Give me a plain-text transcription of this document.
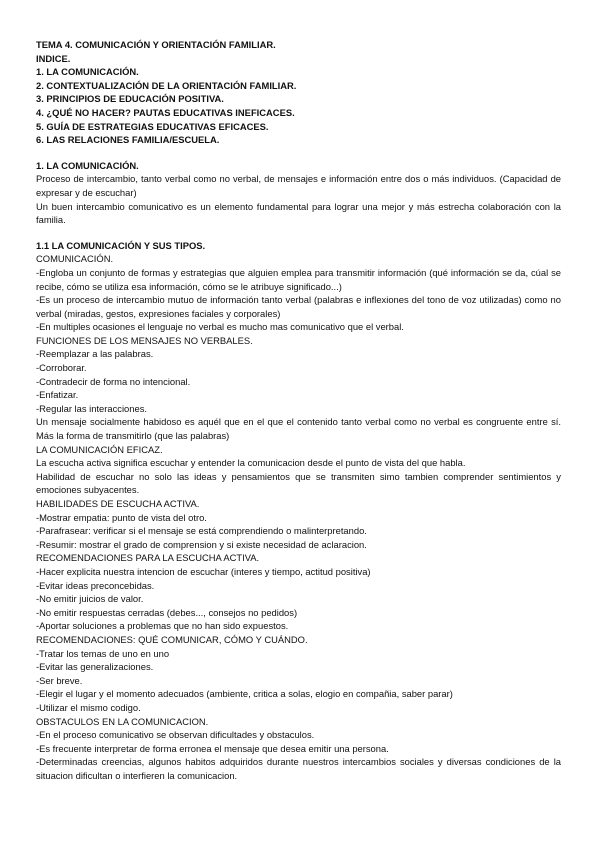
TEMA 4. COMUNICACIÓN Y ORIENTACIÓN FAMILIAR.
INDICE.
1. LA COMUNICACIÓN.
2. CONTEXTUALIZACIÓN DE LA ORIENTACIÓN FAMILIAR.
3. PRINCIPIOS DE EDUCACIÓN POSITIVA.
4. ¿QUÉ NO HACER? PAUTAS EDUCATIVAS INEFICACES.
5. GUÍA DE ESTRATEGIAS EDUCATIVAS EFICACES.
6. LAS RELACIONES FAMILIA/ESCUELA.
1. LA COMUNICACIÓN.
Proceso de intercambio, tanto verbal como no verbal, de mensajes e información entre dos o más individuos. (Capacidad de expresar y de escuchar)
Un buen intercambio comunicativo es un elemento fundamental para lograr una mejor y más estrecha colaboración con la familia.
1.1 LA COMUNICACIÓN Y SUS TIPOS.
COMUNICACIÓN.
-Engloba un conjunto de formas y estrategias que alguien emplea para transmitir información (qué información se da, cúal se recibe, cómo se utiliza esa información, cómo se le atribuye significado...)
-Es un proceso de intercambio mutuo de información tanto verbal (palabras e inflexiones del tono de voz utilizadas) como no verbal (miradas, gestos, expresiones faciales y corporales)
-En multiples ocasiones el lenguaje no verbal es mucho mas comunicativo que el verbal.
FUNCIONES DE LOS MENSAJES NO VERBALES.
-Reemplazar a las palabras.
-Corroborar.
-Contradecir de forma no intencional.
-Enfatizar.
-Regular las interacciones.
Un mensaje socialmente habidoso es aquél que en el que el contenido tanto verbal como no verbal es congruente entre sí. Más la forma de transmitirlo (que las palabras)
LA COMUNICACIÓN EFICAZ.
La escucha activa significa escuchar y entender la comunicacion desde el punto de vista del que habla.
Habilidad de escuchar no solo las ideas y pensamientos que se transmiten simo tambien comprender sentimientos y emociones subyacentes.
HABILIDADES DE ESCUCHA ACTIVA.
-Mostrar empatia: punto de vista del otro.
-Parafrasear: verificar si el mensaje se está comprendiendo o malinterpretando.
-Resumir: mostrar el grado de comprension y si existe necesidad de aclaracion.
RECOMENDACIONES PARA LA ESCUCHA ACTIVA.
-Hacer explicita nuestra intencion de escuchar (interes y tiempo, actitud positiva)
-Evitar ideas preconcebidas.
-No emitir juicios de valor.
-No emitir respuestas cerradas (debes..., consejos no pedidos)
-Aportar soluciones a problemas que no han sido expuestos.
RECOMENDACIONES: QUÉ COMUNICAR, CÓMO Y CUÁNDO.
-Tratar los temas de uno en uno
-Evitar las generalizaciones.
-Ser breve.
-Elegir el lugar y el momento adecuados (ambiente, critica a solas, elogio en compañia, saber parar)
-Utilizar el mismo codigo.
OBSTACULOS EN LA COMUNICACION.
-En el proceso comunicativo se observan dificultades y obstaculos.
-Es frecuente interpretar de forma erronea el mensaje que desea emitir una persona.
-Determinadas creencias, algunos habitos adquiridos durante nuestros intercambios sociales y diversas condiciones de la situacion dificultan o interfieren la comunicacion.
